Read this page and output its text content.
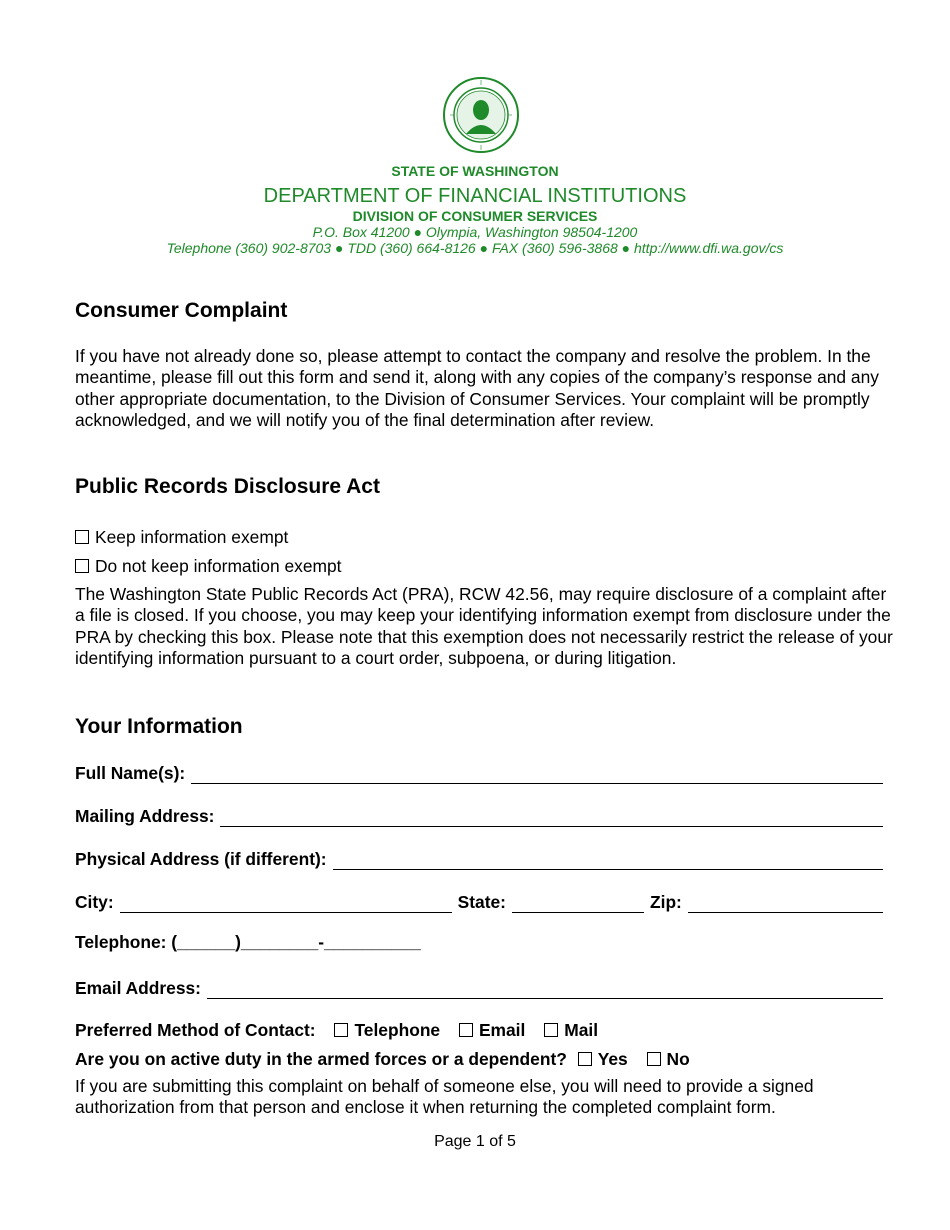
STATE OF WASHINGTON
DEPARTMENT OF FINANCIAL INSTITUTIONS
DIVISION OF CONSUMER SERVICES
P.O. Box 41200 ● Olympia, Washington 98504-1200
Telephone (360) 902-8703 ● TDD (360) 664-8126 ● FAX (360) 596-3868 ● http://www.dfi.wa.gov/cs
Consumer Complaint
If you have not already done so, please attempt to contact the company and resolve the problem. In the meantime, please fill out this form and send it, along with any copies of the company’s response and any other appropriate documentation, to the Division of Consumer Services. Your complaint will be promptly acknowledged, and we will notify you of the final determination after review.
Public Records Disclosure Act
Keep information exempt
Do not keep information exempt
The Washington State Public Records Act (PRA), RCW 42.56, may require disclosure of a complaint after a file is closed. If you choose, you may keep your identifying information exempt from disclosure under the PRA by checking this box. Please note that this exemption does not necessarily restrict the release of your identifying information pursuant to a court order, subpoena, or during litigation.
Your Information
Full Name(s):
Mailing Address:
Physical Address (if different):
City:	State:	Zip:
Telephone: (______)________-__________
Email Address:
Preferred Method of Contact: Telephone Email Mail
Are you on active duty in the armed forces or a dependent? Yes No
If you are submitting this complaint on behalf of someone else, you will need to provide a signed authorization from that person and enclose it when returning the completed complaint form.
Page 1 of 5
